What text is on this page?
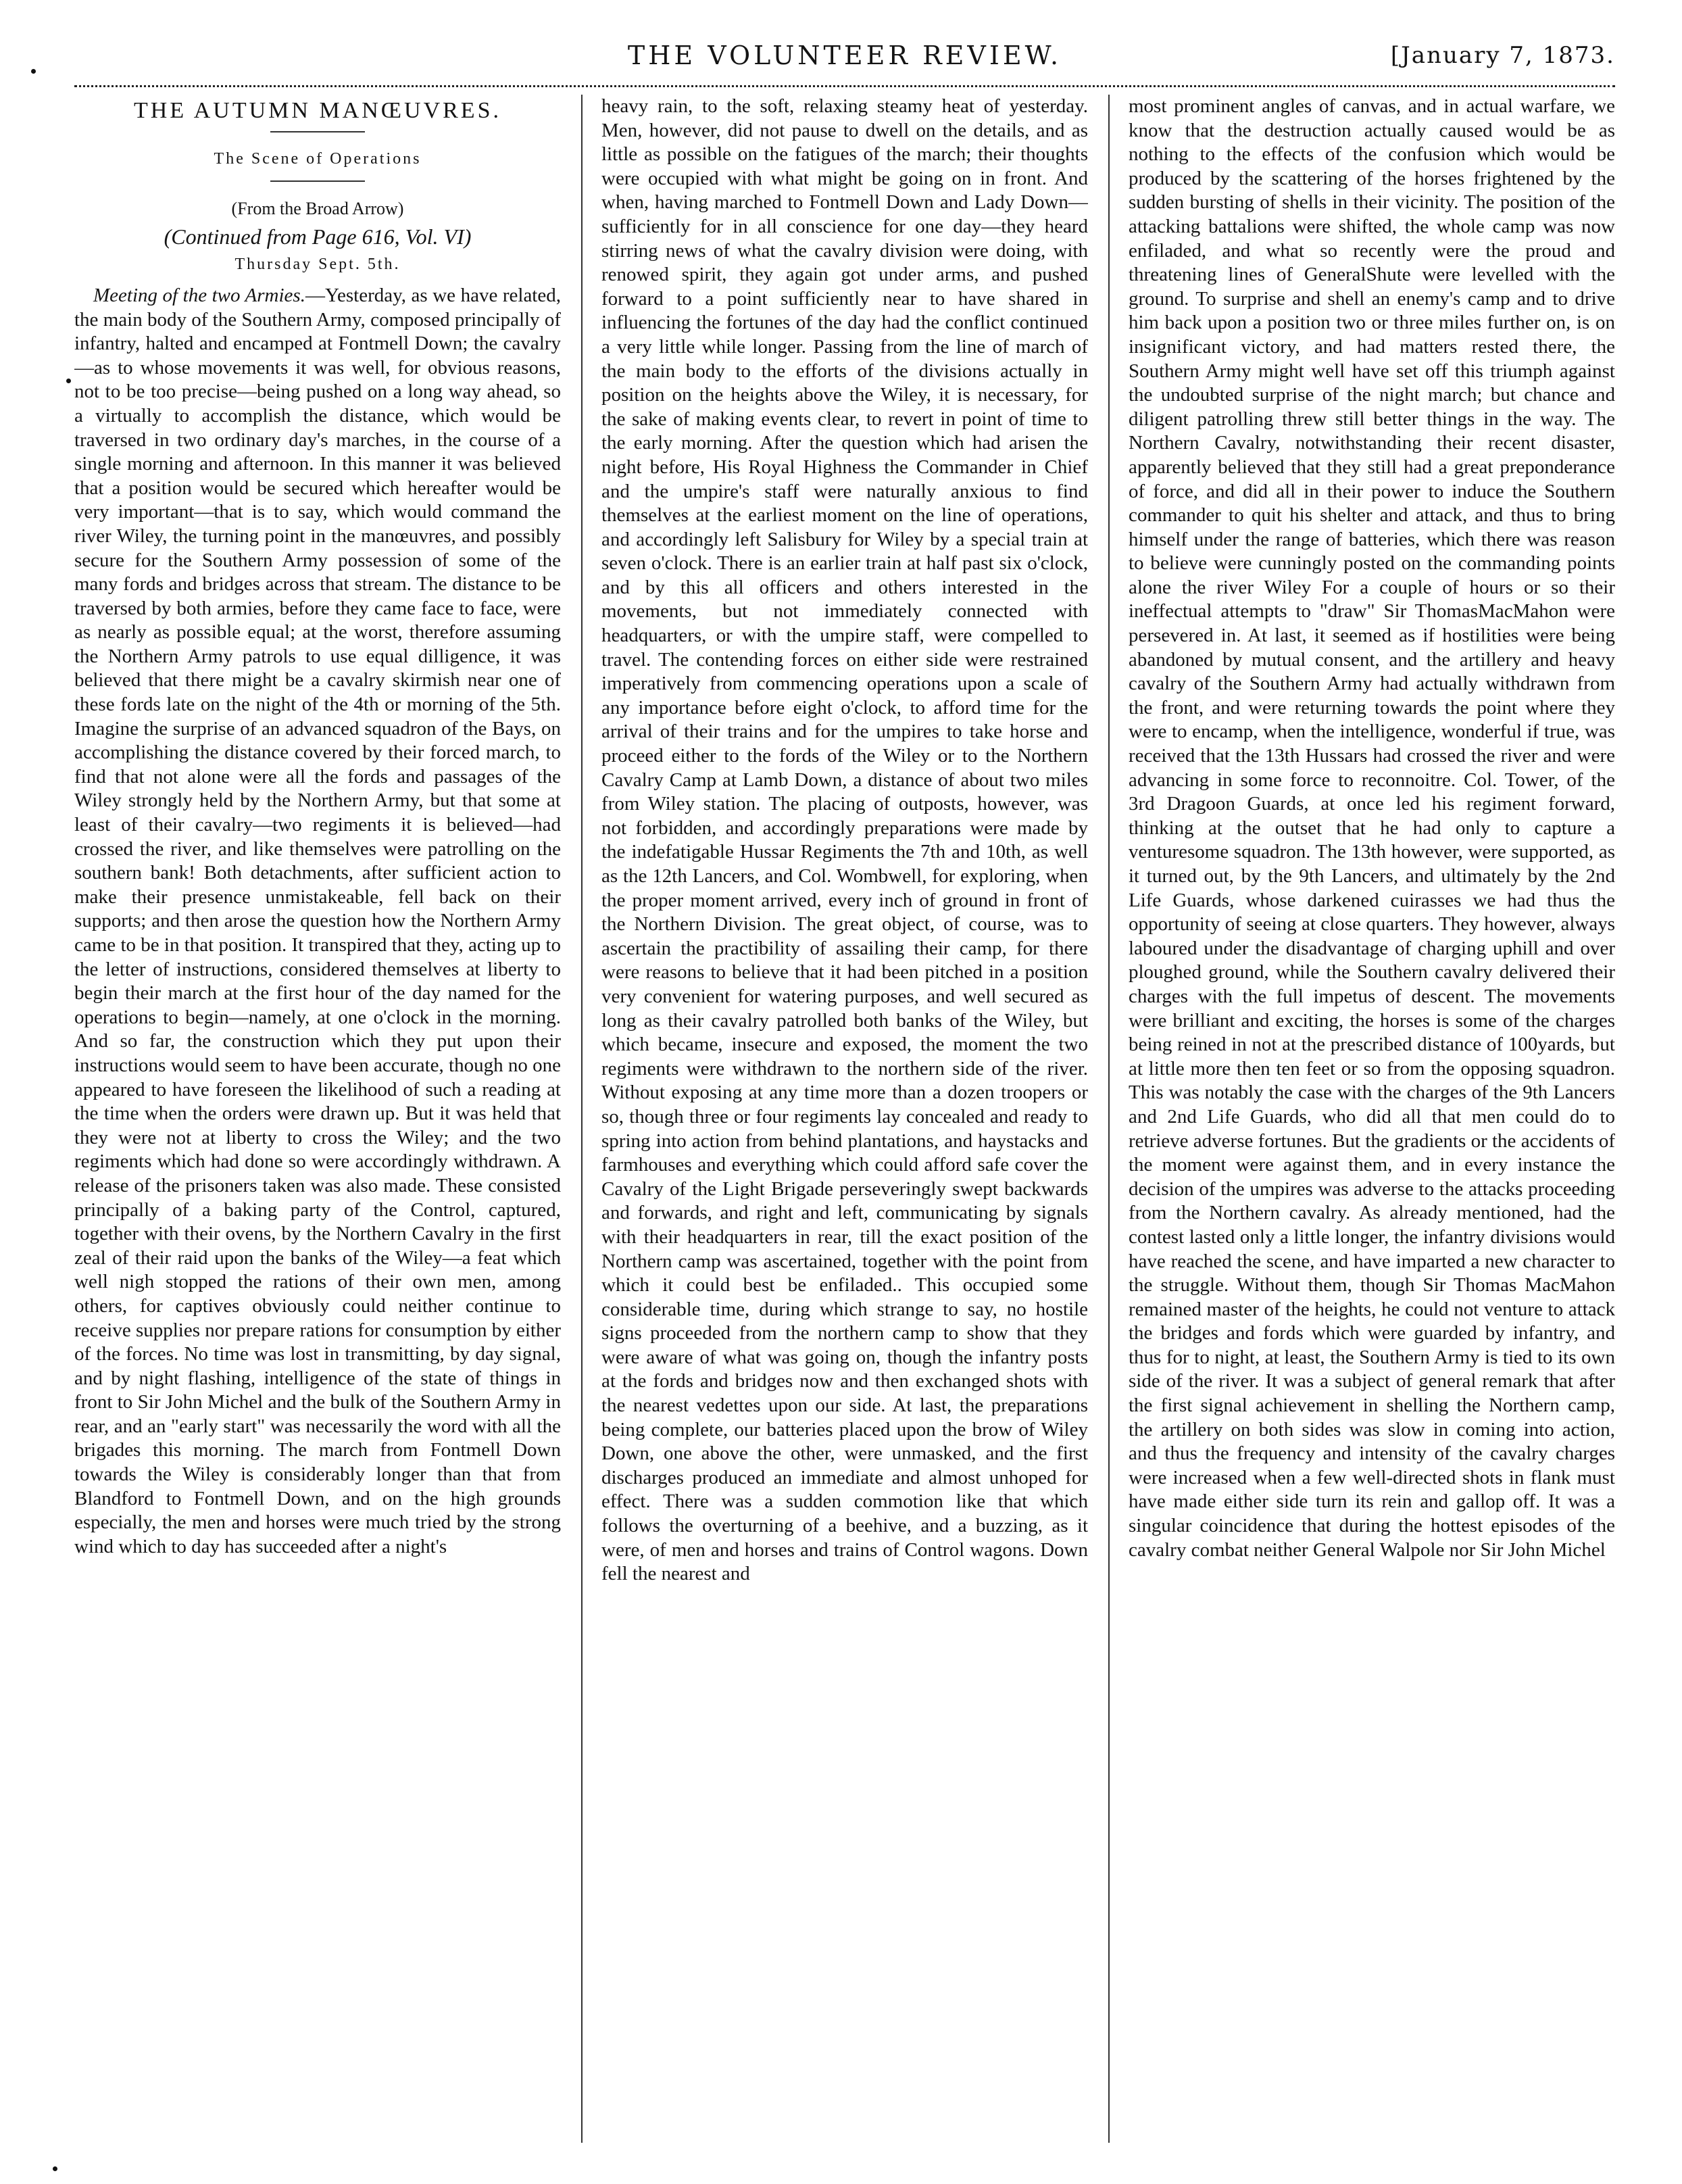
THE VOLUNTEER REVIEW.	[January 7, 1873.
THE AUTUMN MANŒUVRES.
The Scene of Operations
(From the Broad Arrow)
(Continued from Page 616, Vol. VI)
Thursday Sept. 5th.

Meeting of the two Armies.—Yesterday, as we have related, the main body of the Southern Army, composed principally of infantry, halted and encamped at Fontmell Down; the cavalry—as to whose movements it was well, for obvious reasons, not to be too precise—being pushed on a long way ahead, so a virtually to accomplish the distance, which would be traversed in two ordinary day's marches, in the course of a single morning and afternoon. In this manner it was believed that a position would be secured which hereafter would be very important—that is to say, which would command the river Wiley, the turning point in the manœuvres, and possibly secure for the Southern Army possession of some of the many fords and bridges across that stream. The distance to be traversed by both armies, before they came face to face, were as nearly as possible equal; at the worst, therefore assuming the Northern Army patrols to use equal dilligence, it was believed that there might be a cavalry skirmish near one of these fords late on the night of the 4th or morning of the 5th. Imagine the surprise of an advanced squadron of the Bays, on accomplishing the distance covered by their forced march, to find that not alone were all the fords and passages of the Wiley strongly held by the Northern Army, but that some at least of their cavalry—two regiments it is believed—had crossed the river, and like themselves were patrolling on the southern bank! Both detachments, after sufficient action to make their presence unmistakeable, fell back on their supports; and then arose the question how the Northern Army came to be in that position. It transpired that they, acting up to the letter of instructions, considered themselves at liberty to begin their march at the first hour of the day named for the operations to begin—namely, at one o'clock in the morning. And so far, the construction which they put upon their instructions would seem to have been accurate, though no one appeared to have foreseen the likelihood of such a reading at the time when the orders were drawn up. But it was held that they were not at liberty to cross the Wiley; and the two regiments which had done so were accordingly withdrawn. A release of the prisoners taken was also made. These consisted principally of a baking party of the Control, captured, together with their ovens, by the Northern Cavalry in the first zeal of their raid upon the banks of the Wiley—a feat which well nigh stopped the rations of their own men, among others, for captives obviously could neither continue to receive supplies nor prepare rations for consumption by either of the forces. No time was lost in transmitting, by day signal, and by night flashing, intelligence of the state of things in front to Sir John Michel and the bulk of the Southern Army in rear, and an "early start" was necessarily the word with all the brigades this morning. The march from Fontmell Down towards the Wiley is considerably longer than that from Blandford to Fontmell Down, and on the high grounds especially, the men and horses were much tried by the strong wind which to day has succeeded after a night's

heavy rain, to the soft, relaxing steamy heat of yesterday. Men, however, did not pause to dwell on the details, and as little as possible on the fatigues of the march; their thoughts were occupied with what might be going on in front. And when, having marched to Fontmell Down and Lady Down—sufficiently for in all conscience for one day—they heard stirring news of what the cavalry division were doing, with renowed spirit, they again got under arms, and pushed forward to a point sufficiently near to have shared in influencing the fortunes of the day had the conflict continued a very little while longer. Passing from the line of march of the main body to the efforts of the divisions actually in position on the heights above the Wiley, it is necessary, for the sake of making events clear, to revert in point of time to the early morning. After the question which had arisen the night before, His Royal Highness the Commander in Chief and the umpire's staff were naturally anxious to find themselves at the earliest moment on the line of operations, and accordingly left Salisbury for Wiley by a special train at seven o'clock. There is an earlier train at half past six o'clock, and by this all officers and others interested in the movements, but not immediately connected with headquarters, or with the umpire staff, were compelled to travel. The contending forces on either side were restrained imperatively from commencing operations upon a scale of any importance before eight o'clock, to afford time for the arrival of their trains and for the umpires to take horse and proceed either to the fords of the Wiley or to the Northern Cavalry Camp at Lamb Down, a distance of about two miles from Wiley station. The placing of outposts, however, was not forbidden, and accordingly preparations were made by the indefatigable Hussar Regiments the 7th and 10th, as well as the 12th Lancers, and Col. Wombwell, for exploring, when the proper moment arrived, every inch of ground in front of the Northern Division. The great object, of course, was to ascertain the practibility of assailing their camp, for there were reasons to believe that it had been pitched in a position very convenient for watering purposes, and well secured as long as their cavalry patrolled both banks of the Wiley, but which became, insecure and exposed, the moment the two regiments were withdrawn to the northern side of the river. Without exposing at any time more than a dozen troopers or so, though three or four regiments lay concealed and ready to spring into action from behind plantations, and haystacks and farmhouses and everything which could afford safe cover the Cavalry of the Light Brigade perseveringly swept backwards and forwards, and right and left, communicating by signals with their headquarters in rear, till the exact position of the Northern camp was ascertained, together with the point from which it could best be enfiladed.. This occupied some considerable time, during which strange to say, no hostile signs proceeded from the northern camp to show that they were aware of what was going on, though the infantry posts at the fords and bridges now and then exchanged shots with the nearest vedettes upon our side. At last, the preparations being complete, our batteries placed upon the brow of Wiley Down, one above the other, were unmasked, and the first discharges produced an immediate and almost unhoped for effect. There was a sudden commotion like that which follows the overturning of a beehive, and a buzzing, as it were, of men and horses and trains of Control wagons. Down fell the nearest and

most prominent angles of canvas, and in actual warfare, we know that the destruction actually caused would be as nothing to the effects of the confusion which would be produced by the scattering of the horses frightened by the sudden bursting of shells in their vicinity. The position of the attacking battalions were shifted, the whole camp was now enfiladed, and what so recently were the proud and threatening lines of GeneralShute were levelled with the ground. To surprise and shell an enemy's camp and to drive him back upon a position two or three miles further on, is on insignificant victory, and had matters rested there, the Southern Army might well have set off this triumph against the undoubted surprise of the night march; but chance and diligent patrolling threw still better things in the way. The Northern Cavalry, notwithstanding their recent disaster, apparently believed that they still had a great preponderance of force, and did all in their power to induce the Southern commander to quit his shelter and attack, and thus to bring himself under the range of batteries, which there was reason to believe were cunningly posted on the commanding points alone the river Wiley For a couple of hours or so their ineffectual attempts to "draw" Sir ThomasMacMahon were persevered in. At last, it seemed as if hostilities were being abandoned by mutual consent, and the artillery and heavy cavalry of the Southern Army had actually withdrawn from the front, and were returning towards the point where they were to encamp, when the intelligence, wonderful if true, was received that the 13th Hussars had crossed the river and were advancing in some force to reconnoitre. Col. Tower, of the 3rd Dragoon Guards, at once led his regiment forward, thinking at the outset that he had only to capture a venturesome squadron. The 13th however, were supported, as it turned out, by the 9th Lancers, and ultimately by the 2nd Life Guards, whose darkened cuirasses we had thus the opportunity of seeing at close quarters. They however, always laboured under the disadvantage of charging uphill and over ploughed ground, while the Southern cavalry delivered their charges with the full impetus of descent. The movements were brilliant and exciting, the horses is some of the charges being reined in not at the prescribed distance of 100yards, but at little more then ten feet or so from the opposing squadron. This was notably the case with the charges of the 9th Lancers and 2nd Life Guards, who did all that men could do to retrieve adverse fortunes. But the gradients or the accidents of the moment were against them, and in every instance the decision of the umpires was adverse to the attacks proceeding from the Northern cavalry. As already mentioned, had the contest lasted only a little longer, the infantry divisions would have reached the scene, and have imparted a new character to the struggle. Without them, though Sir Thomas MacMahon remained master of the heights, he could not venture to attack the bridges and fords which were guarded by infantry, and thus for to night, at least, the Southern Army is tied to its own side of the river. It was a subject of general remark that after the first signal achievement in shelling the Northern camp, the artillery on both sides was slow in coming into action, and thus the frequency and intensity of the cavalry charges were increased when a few well-directed shots in flank must have made either side turn its rein and gallop off. It was a singular coincidence that during the hottest episodes of the cavalry combat neither General Walpole nor Sir John Michel
